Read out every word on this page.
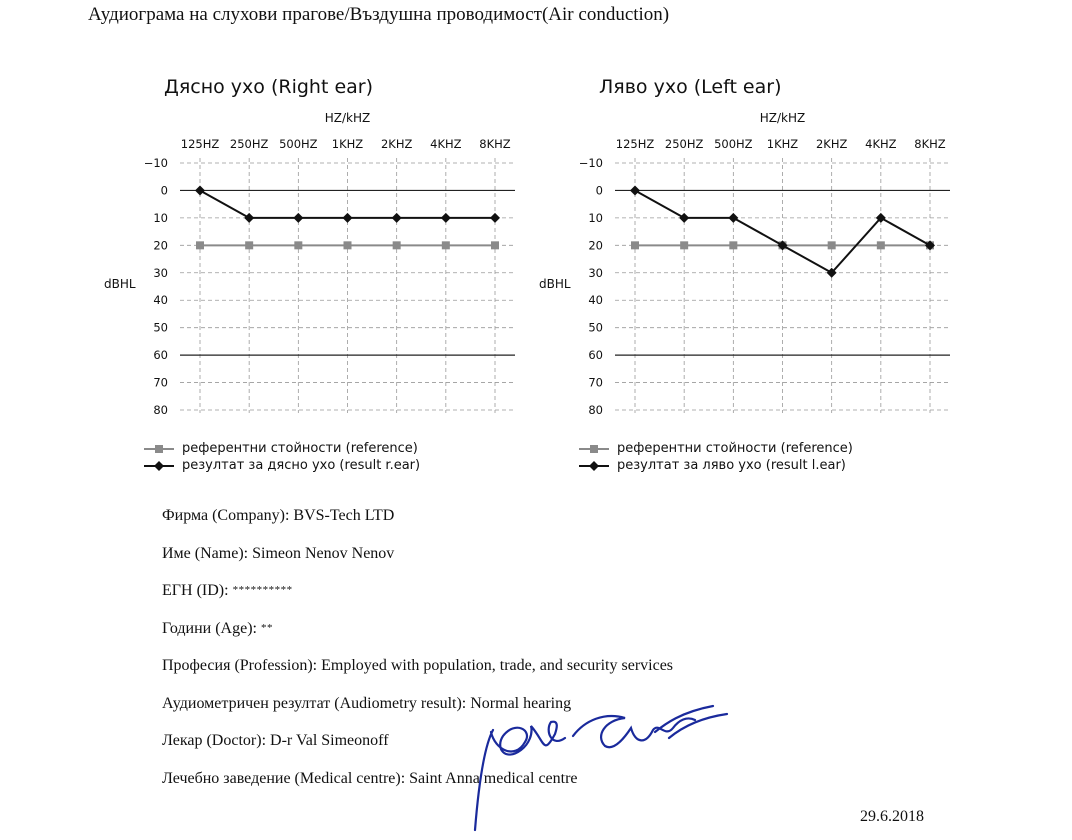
Аудиограма на слухови прагове/Въздушна проводимост(Air conduction)
Дясно ухо (Right ear)
HZ/kHZ
dBHL
125HZ 250HZ 500HZ 1KHZ 2KHZ 4KHZ 8KHZ
−10
0
10
20
30
40
50
60
70
80
референтни стойности (reference)
резултат за дясно ухо (result r.ear)
Ляво ухо (Left ear)
HZ/kHZ
dBHL
125HZ 250HZ 500HZ 1KHZ 2KHZ 4KHZ 8KHZ
−10
0
10
20
30
40
50
60
70
80
референтни стойности (reference)
резултат за ляво ухо (result l.ear)
Фирма (Company): BVS-Tech LTD
Име (Name): Simeon Nenov Nenov
ЕГН (ID): **********
Години (Age): **
Професия (Profession): Employed with population, trade, and security services
Аудиометричен резултат (Audiometry result): Normal hearing
Лекар (Doctor): D-r Val Simeonoff
Лечебно заведение (Medical centre): Saint Anna medical centre
29.6.2018
